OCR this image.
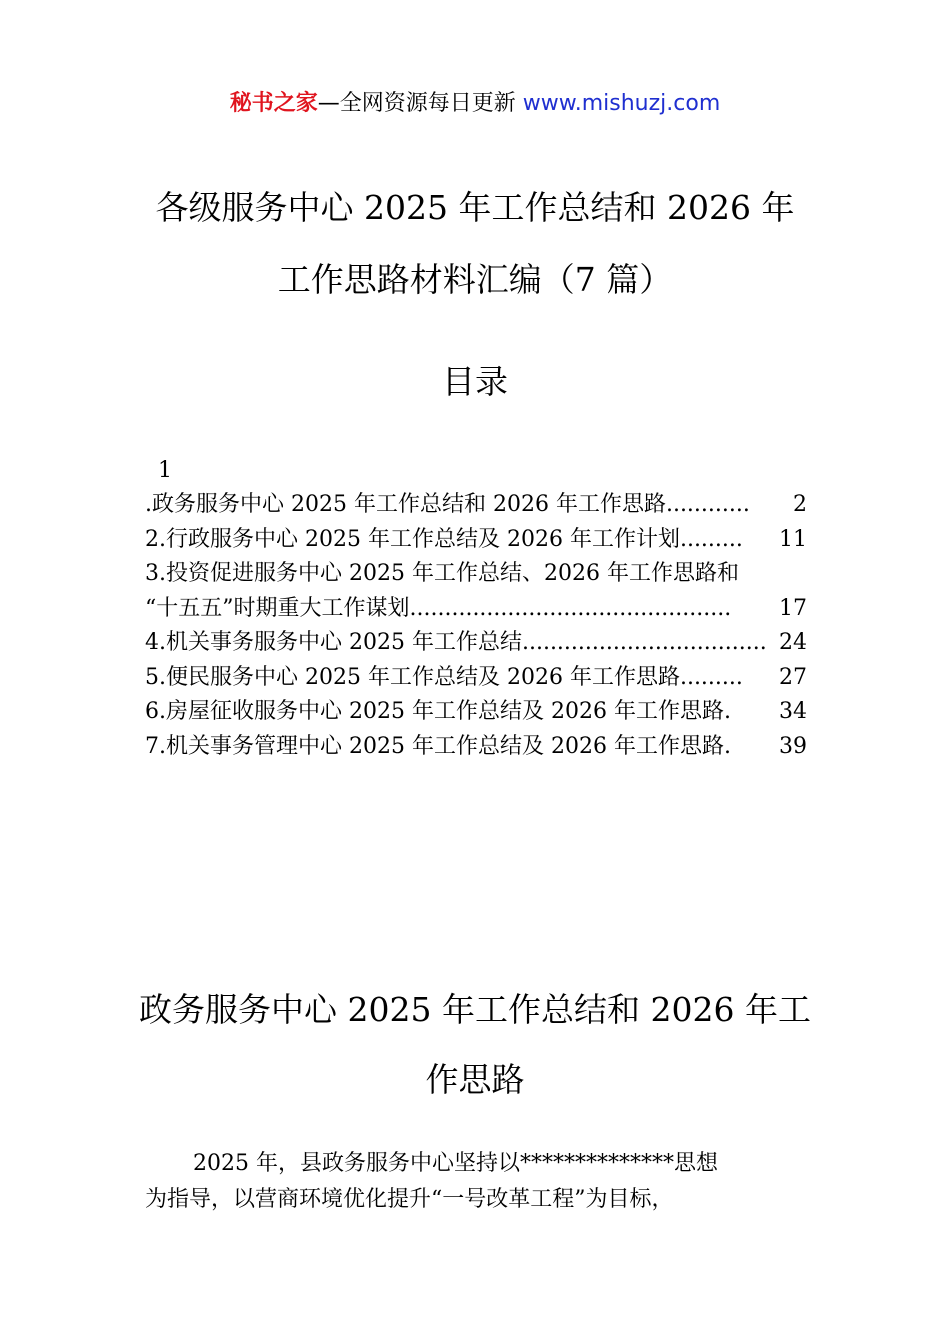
秘书之家—全网资源每日更新 www.mishuzj.com
各级服务中心 2025 年工作总结和 2026 年
工作思路材料汇编（7 篇）
目录
1
.政务服务中心 2025 年工作总结和 2026 年工作思路 ............	2
2.行政服务中心 2025 年工作总结及 2026 年工作计划 .........	11
3.投资促进服务中心 2025 年工作总结、2026 年工作思路和
“十五五”时期重大工作谋划 ..............................................	17
4.机关事务服务中心 2025 年工作总结 ................................... 24
5.便民服务中心 2025 年工作总结及 2026 年工作思路 .........	27
6.房屋征收服务中心 2025 年工作总结及 2026 年工作思路 .	34
7.机关事务管理中心 2025 年工作总结及 2026 年工作思路 .	39
政务服务中心 2025 年工作总结和 2026 年工
作思路
2025 年，县政务服务中心坚持以**************思想
为指导，以营商环境优化提升“一号改革工程”为目标，
